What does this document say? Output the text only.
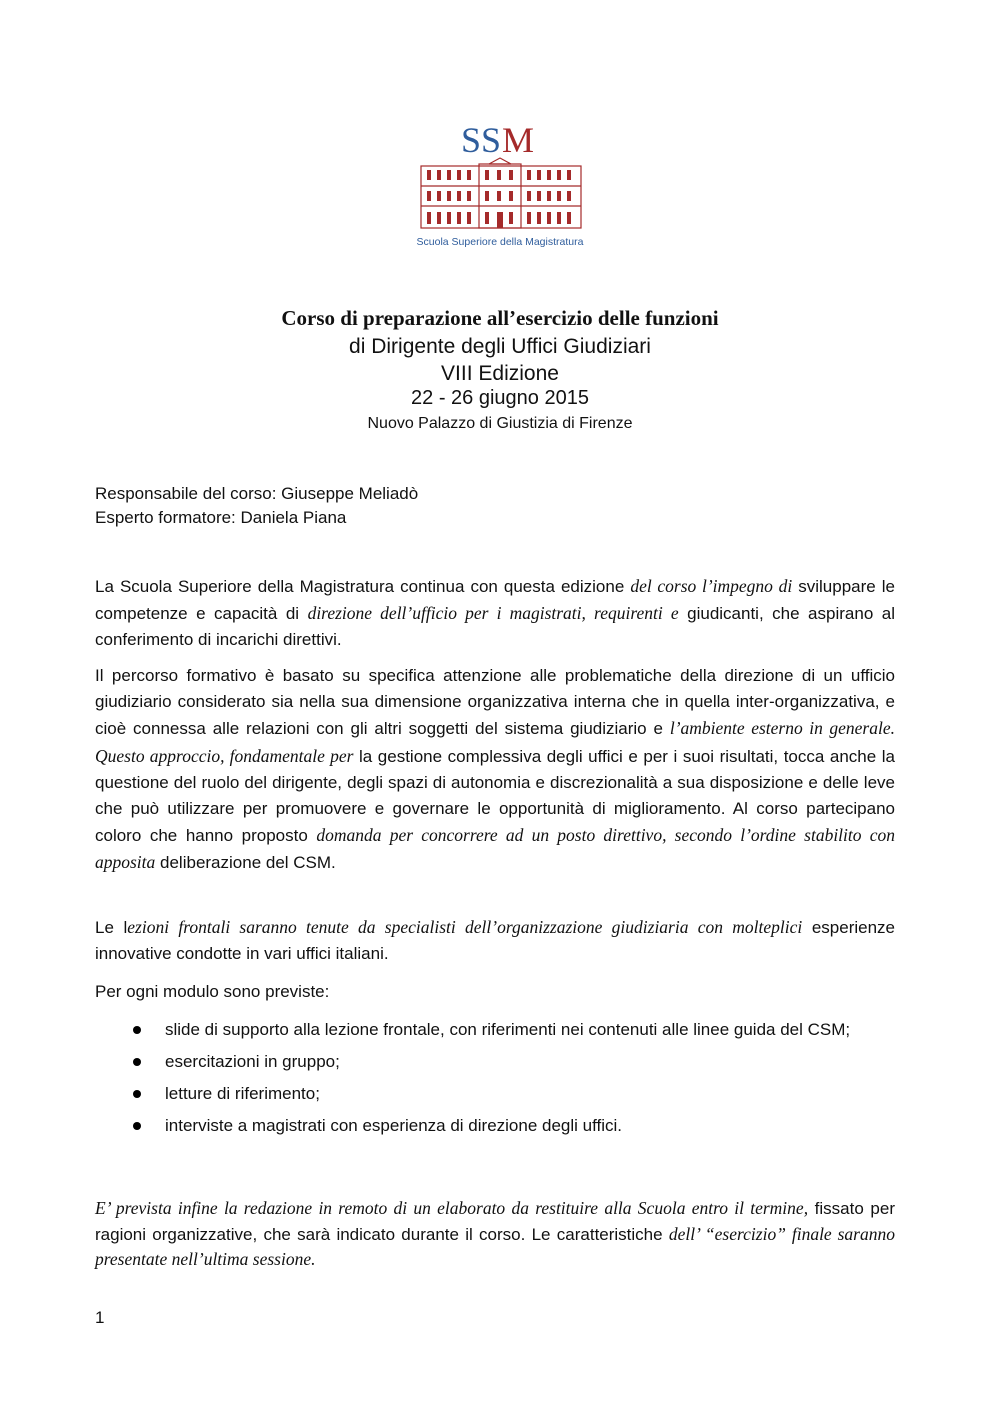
SS M
Scuola Superiore della Magistratura
Corso di preparazione all’esercizio delle funzioni
di Dirigente degli Uffici Giudiziari
VIII Edizione
22 - 26 giugno 2015
Nuovo Palazzo di Giustizia di Firenze
Responsabile del corso: Giuseppe Meliadò
Esperto formatore: Daniela Piana
La Scuola Superiore della Magistratura continua con questa edizione del corso l’impegno di sviluppare le competenze e capacità di direzione dell’ufficio per i magistrati, requirenti e giudicanti, che aspirano al conferimento di incarichi direttivi.
Il percorso formativo è basato su specifica attenzione alle problematiche della direzione di un ufficio giudiziario considerato sia nella sua dimensione organizzativa interna che in quella inter-organizzativa, e cioè connessa alle relazioni con gli altri soggetti del sistema giudiziario e l’ambiente esterno in generale. Questo approccio, fondamentale per la gestione complessiva degli uffici e per i suoi risultati, tocca anche la questione del ruolo del dirigente, degli spazi di autonomia e discrezionalità a sua disposizione e delle leve che può utilizzare per promuovere e governare le opportunità di miglioramento. Al corso partecipano coloro che hanno proposto domanda per concorrere ad un posto direttivo, secondo l’ordine stabilito con apposita deliberazione del CSM.
Le lezioni frontali saranno tenute da specialisti dell’organizzazione giudiziaria con molteplici esperienze innovative condotte in vari uffici italiani.
Per ogni modulo sono previste:
slide di supporto alla lezione frontale, con riferimenti nei contenuti alle linee guida del CSM;
esercitazioni in gruppo;
letture di riferimento;
interviste a magistrati con esperienza di direzione degli uffici.
E’ prevista infine la redazione in remoto di un elaborato da restituire alla Scuola entro il termine, fissato per ragioni organizzative, che sarà indicato durante il corso. Le caratteristiche dell’ “esercizio” finale saranno presentate nell’ultima sessione.
1
